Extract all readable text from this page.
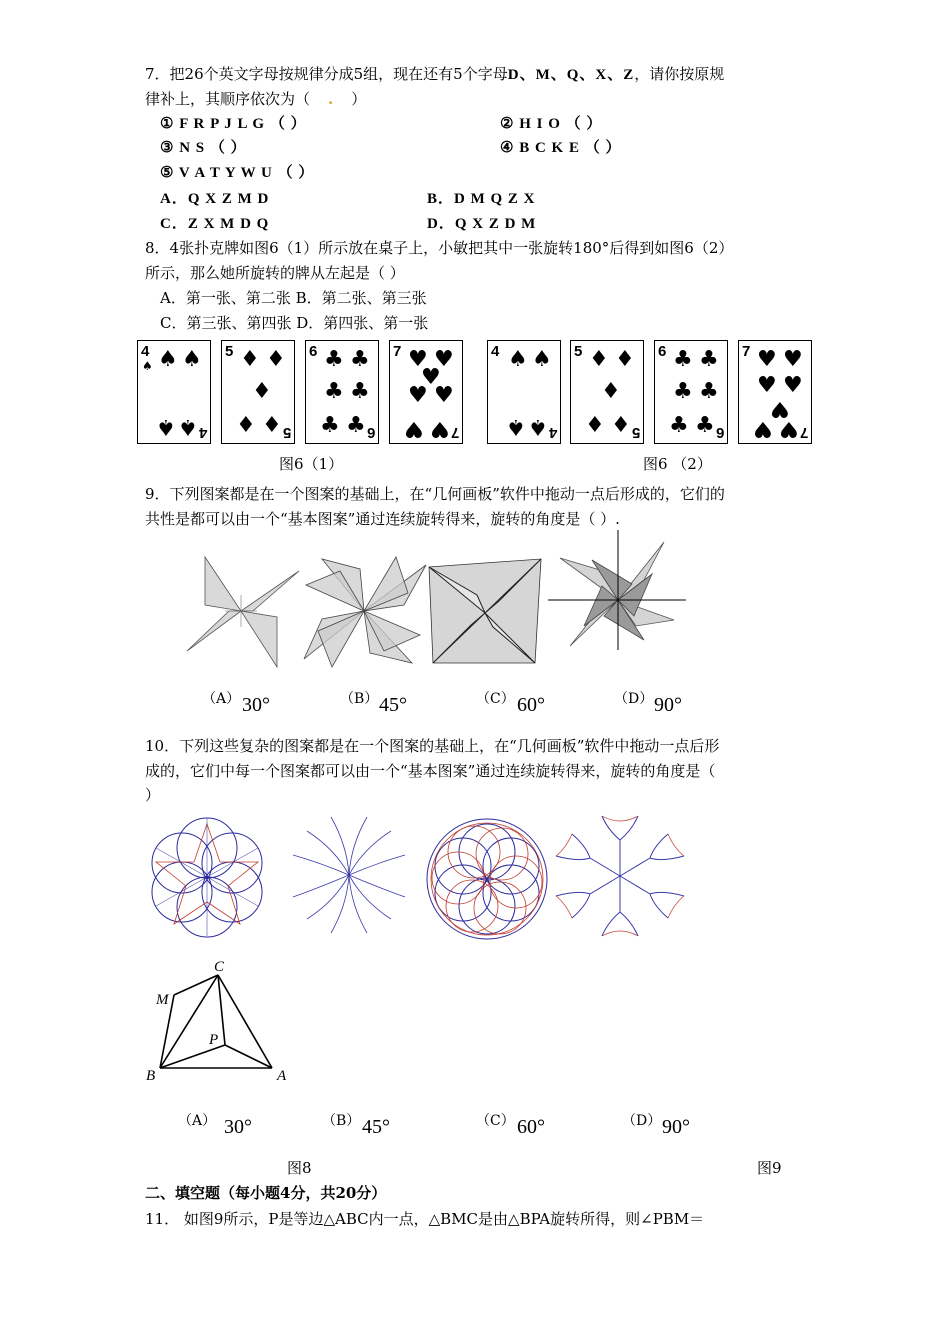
7．把26个英文字母按规律分成5组，现在还有5个字母D、M、Q、X、Z，请你按原规
律补上，其顺序依次为（ . ）
① F R P J L G （ ）	② H I O （ ）
③ N S （ ）	④ B C K E （ ）
⑤ V A T Y W U （ ）
A．Q X Z M D	B．D M Q Z X
C．Z X M D Q	D．Q X Z D M
8．4张扑克牌如图6（1）所示放在桌子上，小敏把其中一张旋转180°后得到如图6（2）
所示，那么她所旋转的牌从左起是（ ）
A．第一张、第二张 B．第二张、第三张
C．第三张、第四张 D．第四张、第一张
4
♠ ♠ ♠
♠ ♠ 4
5 ♦ ♦
♦
♦ ♦ 5
6 ♣ ♣
♣ ♣
♣ ♣ 6
7 ♥ ♥
♥
♥ ♥
♥ ♥ 7
4 ♠ ♠
♠ ♠ 4
5 ♦ ♦
♦
♦ ♦ 5
6 ♣ ♣
♣ ♣
♣ ♣ 6
7 ♥ ♥
♥ ♥
♥
♥ ♥ 7
图6（1）	图6 （2）
9．下列图案都是在一个图案的基础上，在“几何画板”软件中拖动一点后形成的，它们的
共性是都可以由一个“基本图案”通过连续旋转得来，旋转的角度是（ ）.
（A） 30°	（B） 45°	（C） 60°	（D） 90°
10．下列这些复杂的图案都是在一个图案的基础上，在“几何画板”软件中拖动一点后形
成的，它们中每一个图案都可以由一个“基本图案”通过连续旋转得来，旋转的角度是（
）
C
M
P
B	A
（A） 30°	（B） 45°	（C） 60°	（D） 90°
图8	图9
二、填空题（每小题4分，共20分）
11． 如图9所示，P是等边△ABC内一点，△BMC是由△BPA旋转所得，则∠PBM＝
